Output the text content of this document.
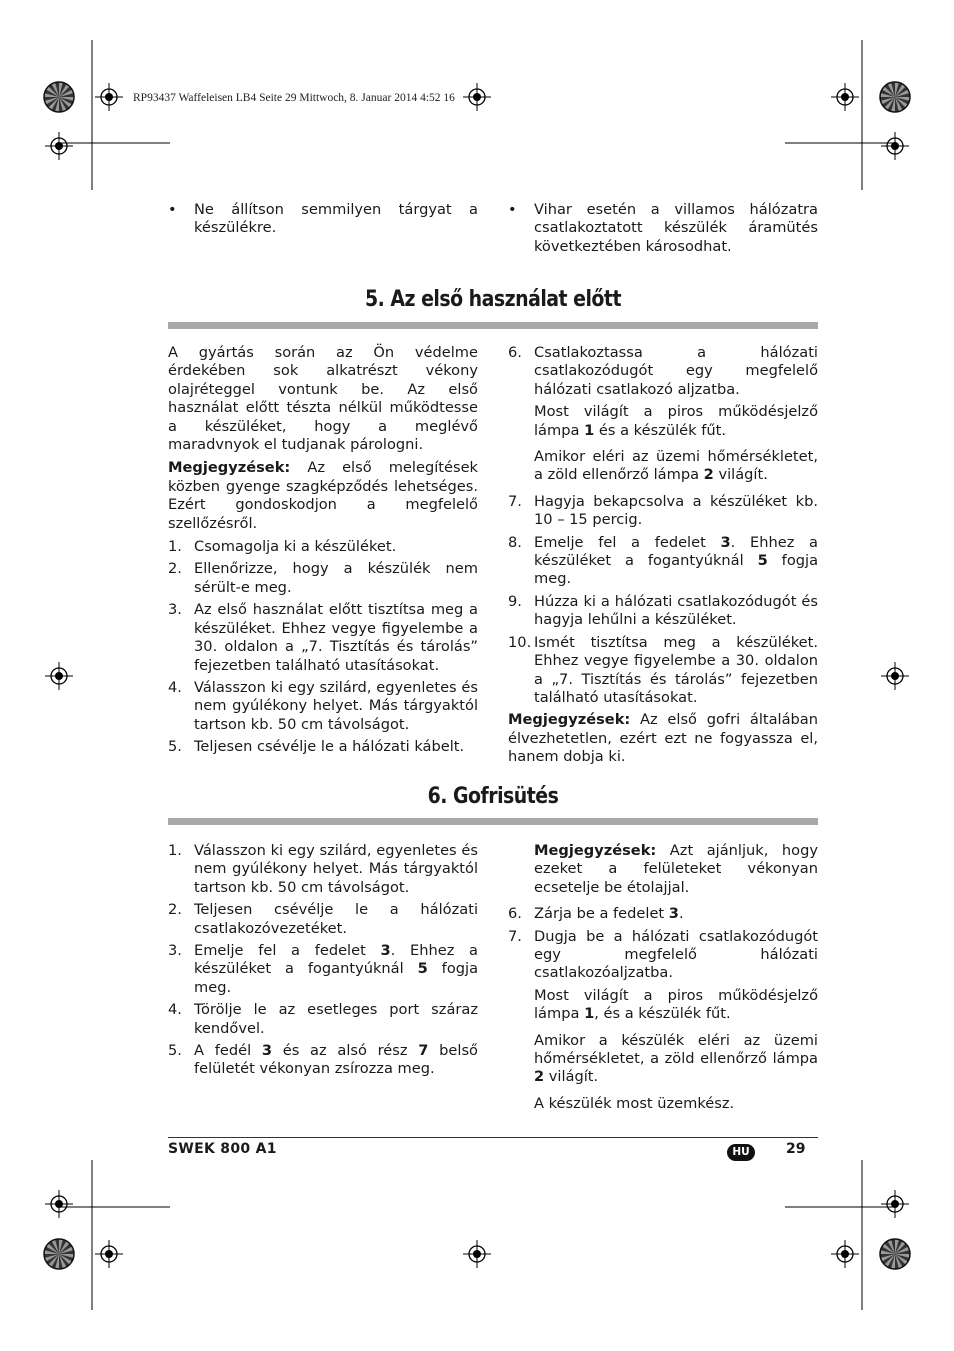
RP93437 Waffeleisen LB4 Seite 29 Mittwoch, 8. Januar 2014 4:52 16
•	Ne állítson semmilyen tárgyat a készülékre.
•	Vihar esetén a villamos hálózatra csatlakoztatott készülék áramütés következtében károsodhat.
5. Az első használat előtt

A gyártás során az Ön védelme érdekében sok alkatrészt vékony olajréteggel vontunk be. Az első használat előtt tészta nélkül működtesse a készüléket, hogy a meglévő maradvnyok el tudjanak párologni.

Megjegyzések: Az első melegítések közben gyenge szagképződés lehetséges. Ezért gondoskodjon a megfelelő szellőzésről.

1. Csomagolja ki a készüléket.
2. Ellenőrizze, hogy a készülék nem sérült-e meg.
3. Az első használat előtt tisztítsa meg a készüléket. Ehhez vegye figyelembe a 30. oldalon a „7. Tisztítás és tárolás” fejezetben található utasításokat.
4. Válasszon ki egy szilárd, egyenletes és nem gyúlékony helyet. Más tárgyaktól tartson kb. 50 cm távolságot.
5. Teljesen csévélje le a hálózati kábelt.
6. Csatlakoztassa a hálózati csatlakozódugót egy megfelelő hálózati csatlakozó aljzatba.
Most világít a piros működésjelző lámpa 1 és a készülék fűt.
Amikor eléri az üzemi hőmérsékletet, a zöld ellenőrző lámpa 2 világít.
7. Hagyja bekapcsolva a készüléket kb. 10 – 15 percig.
8. Emelje fel a fedelet 3. Ehhez a készüléket a fogantyúknál 5 fogja meg.
9. Húzza ki a hálózati csatlakozódugót és hagyja lehűlni a készüléket.
10. Ismét tisztítsa meg a készüléket. Ehhez vegye figyelembe a 30. oldalon a „7. Tisztítás és tárolás” fejezetben található utasításokat.

Megjegyzések: Az első gofri általában élvezhetetlen, ezért ezt ne fogyassza el, hanem dobja ki.

6. Gofrisütés
1. Válasszon ki egy szilárd, egyenletes és nem gyúlékony helyet. Más tárgyaktól tartson kb. 50 cm távolságot.
2. Teljesen csévélje le a hálózati csatlakozóvezetéket.
3. Emelje fel a fedelet 3. Ehhez a készüléket a fogantyúknál 5 fogja meg.
4. Törölje le az esetleges port száraz kendővel.
5. A fedél 3 és az alsó rész 7 belső felületét vékonyan zsírozza meg.
Megjegyzések: Azt ajánljuk, hogy ezeket a felületeket vékonyan ecsetelje be étolajjal.
6. Zárja be a fedelet 3.
7. Dugja be a hálózati csatlakozódugót egy megfelelő hálózati csatlakozóaljzatba.
Most világít a piros működésjelző lámpa 1, és a készülék fűt.
Amikor a készülék eléri az üzemi hőmérsékletet, a zöld ellenőrző lámpa 2 világít.
A készülék most üzemkész.
SWEK 800 A1	HU	29
